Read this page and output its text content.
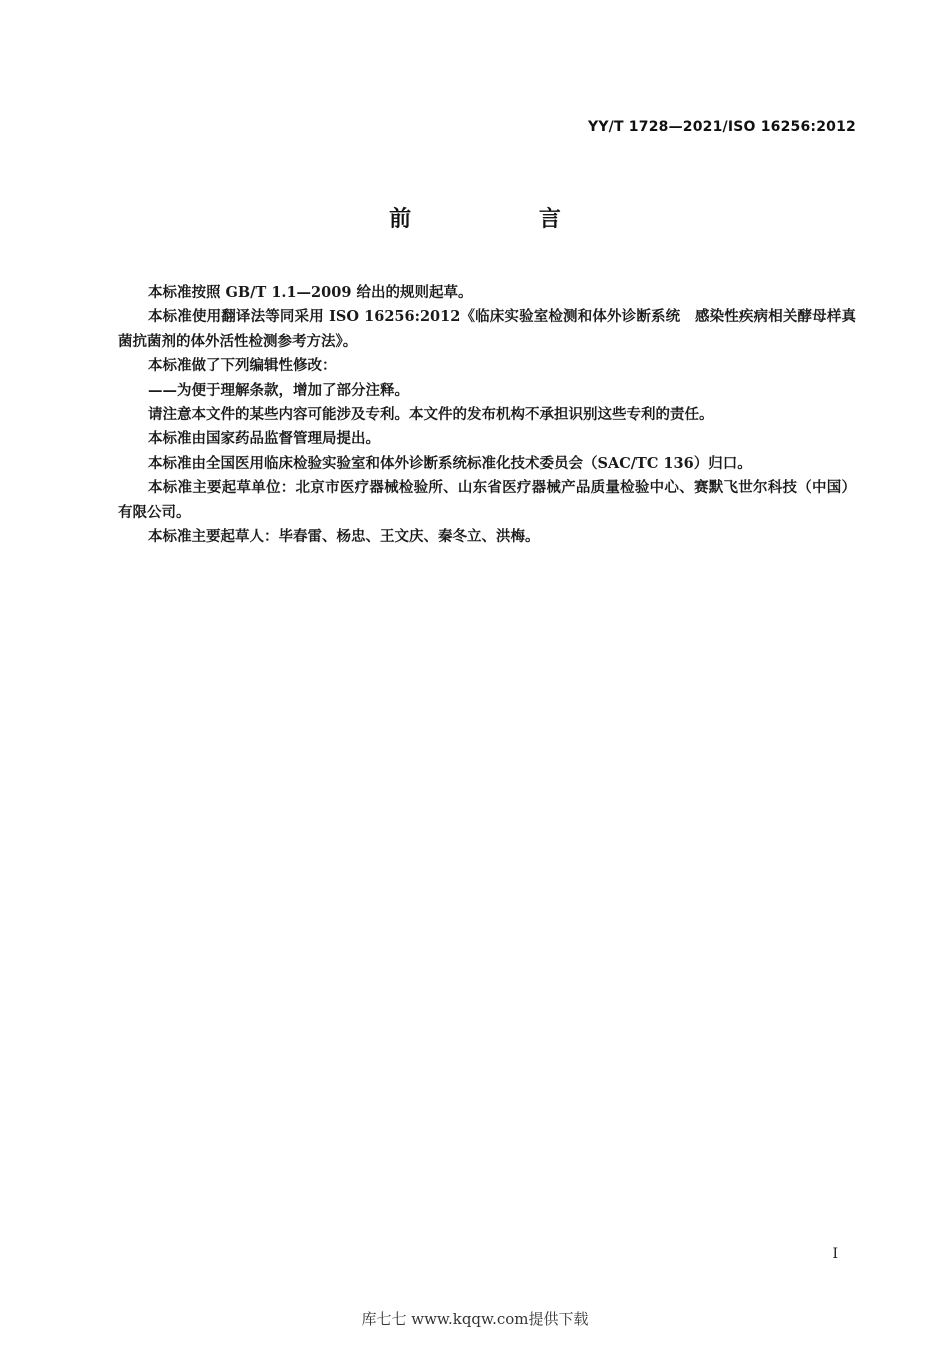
YY/T 1728—2021/ISO 16256:2012
前 言

本标准按照 GB/T 1.1—2009 给出的规则起草。

本标准使用翻译法等同采用 ISO 16256:2012《临床实验室检测和体外诊断系统　感染性疾病相关酵母样真菌抗菌剂的体外活性检测参考方法》。

本标准做了下列编辑性修改：

——为便于理解条款，增加了部分注释。

请注意本文件的某些内容可能涉及专利。本文件的发布机构不承担识别这些专利的责任。

本标准由国家药品监督管理局提出。

本标准由全国医用临床检验实验室和体外诊断系统标准化技术委员会（SAC/TC 136）归口。

本标准主要起草单位：北京市医疗器械检验所、山东省医疗器械产品质量检验中心、赛默飞世尔科技（中国）有限公司。

本标准主要起草人：毕春雷、杨忠、王文庆、秦冬立、洪梅。

I
库七七 www.kqqw.com提供下载
